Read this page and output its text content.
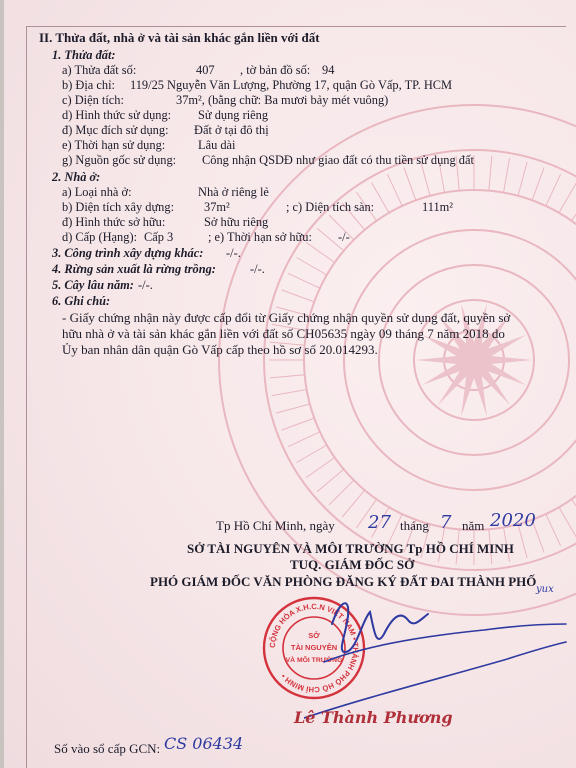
II. Thửa đất, nhà ở và tài sản khác gắn liền với đất
1. Thửa đất:
a) Thửa đất số:	407 , tờ bản đồ số: 94
b) Địa chỉ: 119/25 Nguyễn Văn Lượng, Phường 17, quận Gò Vấp, TP. HCM
c) Diện tích:	37m², (bằng chữ: Ba mươi bảy mét vuông)
d) Hình thức sử dụng: Sử dụng riêng
đ) Mục đích sử dụng: Đất ở tại đô thị
e) Thời hạn sử dụng:	Lâu dài
g) Nguồn gốc sử dụng: Công nhận QSDĐ như giao đất có thu tiền sử dụng đất
2. Nhà ở:
a) Loại nhà ở:	Nhà ở riêng lẻ
b) Diện tích xây dựng: 37m²	; c) Diện tích sàn:	111m²
đ) Hình thức sở hữu:	Sở hữu riêng
d) Cấp (Hạng): Cấp 3	; e) Thời hạn sở hữu: -/-
3. Công trình xây dựng khác: -/-.
4. Rừng sản xuất là rừng trồng:	-/-.
5. Cây lâu năm: -/-.
6. Ghi chú:
- Giấy chứng nhận này được cấp đổi từ Giấy chứng nhận quyền sử dụng đất, quyền sở
hữu nhà ở và tài sản khác gắn liền với đất số CH05635 ngày 09 tháng 7 năm 2018 do
Ủy ban nhân dân quận Gò Vấp cấp theo hồ sơ số 20.014293.
Tp Hồ Chí Minh, ngày 27 tháng 7 năm 2020
SỞ TÀI NGUYÊN VÀ MÔI TRƯỜNG Tp HỒ CHÍ MINH
TUQ. GIÁM ĐỐC SỞ
PHÓ GIÁM ĐỐC VĂN PHÒNG ĐĂNG KÝ ĐẤT ĐAI THÀNH PHỐ
CỘNG HÒA X.H.C.N VIỆT NAM • THÀNH PHỐ HỒ CHÍ MINH •
SỞ
TÀI NGUYÊN
VÀ MÔI TRƯỜNG
yux
Lê Thành Phương
Số vào sổ cấp GCN: CS 06434
